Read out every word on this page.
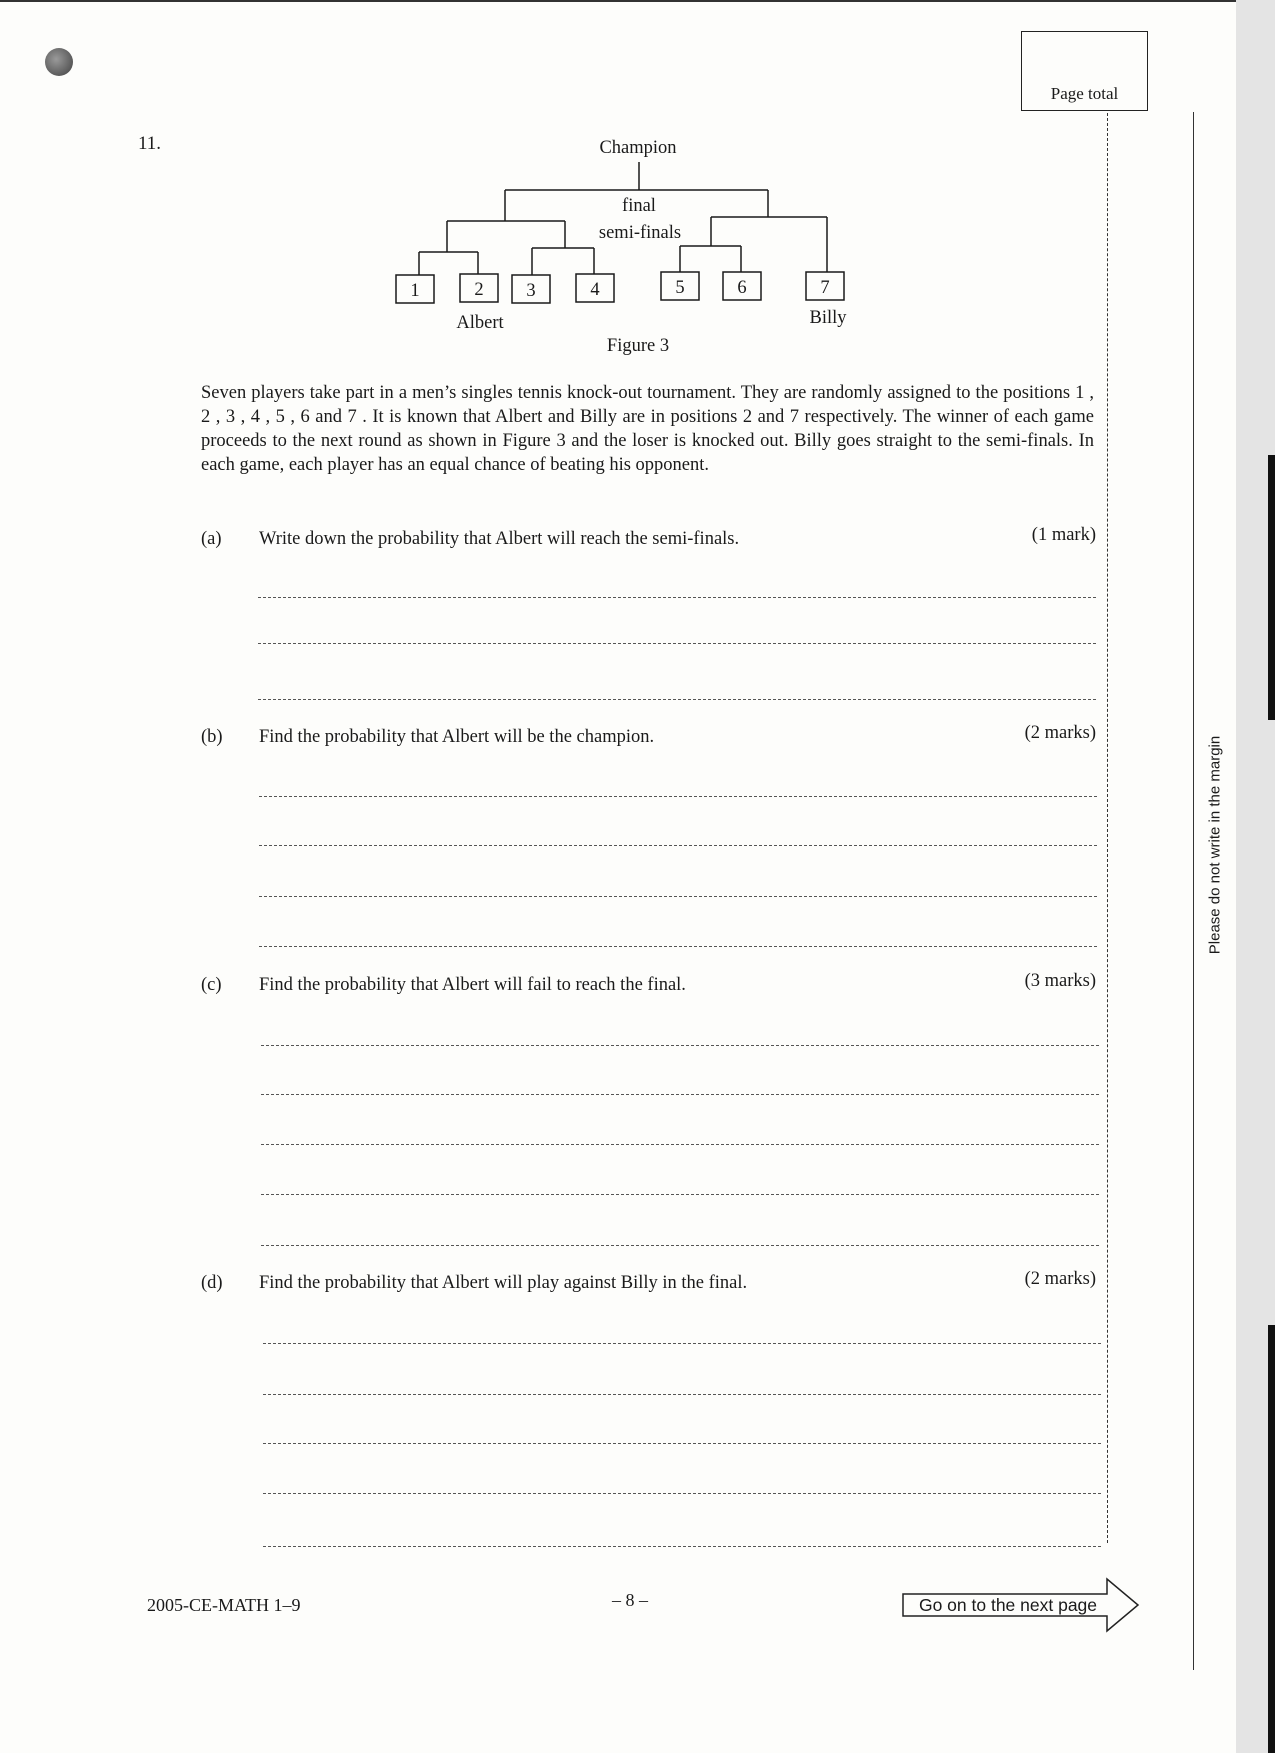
Page total
Please do not write in the margin
11.	Champion
final
semi-finals
1	2 3	4	5	6	7
Albert	Billy
Figure 3
Seven players take part in a men’s singles tennis knock-out tournament. They are randomly assigned to the positions 1 , 2 , 3 , 4 , 5 , 6 and 7 . It is known that Albert and Billy are in positions 2 and 7 respectively. The winner of each game proceeds to the next round as shown in Figure 3 and the loser is knocked out. Billy goes straight to the semi-finals. In each game, each player has an equal chance of beating his opponent.
(a) Write down the probability that Albert will reach the semi-finals.	(1 mark)
(b) Find the probability that Albert will be the champion.	(2 marks)
(c) Find the probability that Albert will fail to reach the final.	(3 marks)
(d) Find the probability that Albert will play against Billy in the final.	(2 marks)
2005-CE-MATH 1–9	– 8 –	Go on to the next page
